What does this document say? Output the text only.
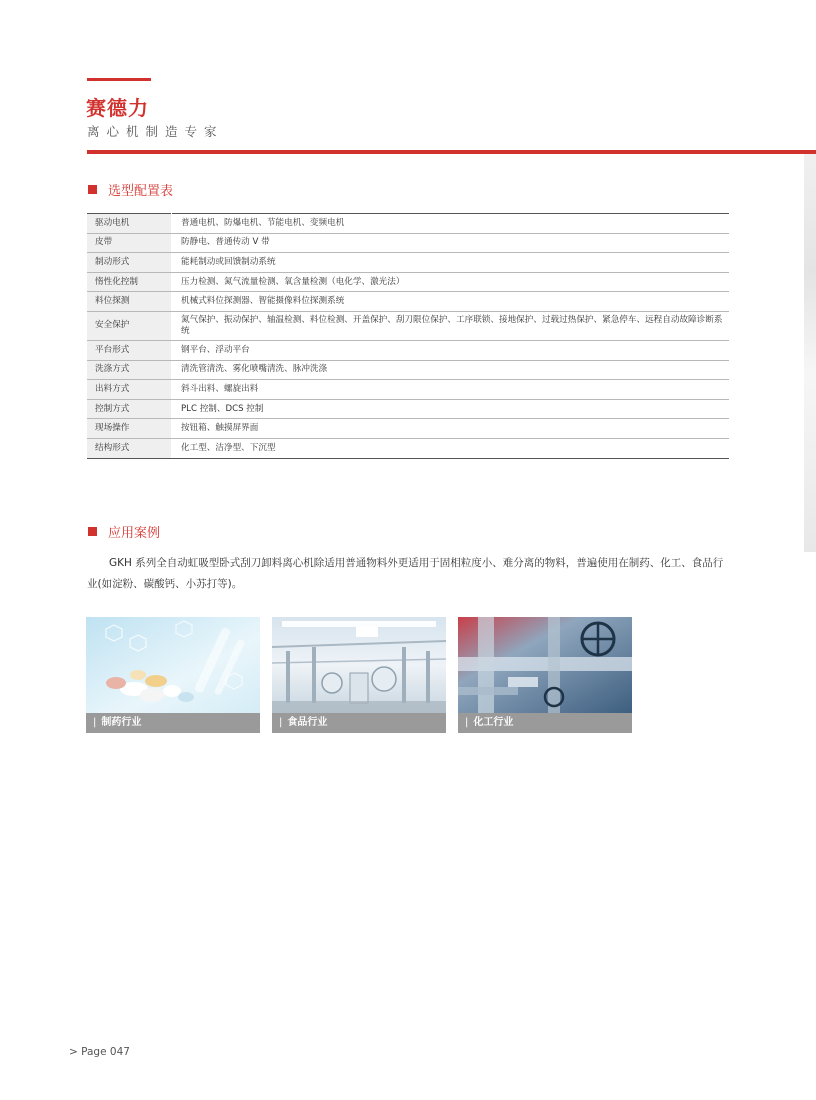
赛德力
离心机制造专家
选型配置表
驱动电机	普通电机、防爆电机、节能电机、变频电机
皮带	防静电、普通传动 V 带
制动形式	能耗制动或回馈制动系统
惰性化控制	压力检测、氮气流量检测、氧含量检测（电化学、激光法）
料位探测	机械式料位探测器、智能摄像料位探测系统
安全保护	氮气保护、振动保护、轴温检测、料位检测、开盖保护、刮刀限位保护、工序联锁、接地保护、过载过热保护、紧急停车、远程自动故障诊断系统
平台形式	钢平台、浮动平台
洗涤方式	清洗管清洗、雾化喷嘴清洗、脉冲洗涤
出料方式	斜斗出料、螺旋出料
控制方式	PLC 控制、DCS 控制
现场操作	按钮箱、触摸屏界面
结构形式	化工型、洁净型、下沉型
应用案例
GKH 系列全自动虹吸型卧式刮刀卸料离心机除适用普通物料外更适用于固相粒度小、难分离的物料，普遍使用在制药、化工、食品行业(如淀粉、碳酸钙、小苏打等)。
| 制药行业	| 食品行业	| 化工行业
> Page 047
